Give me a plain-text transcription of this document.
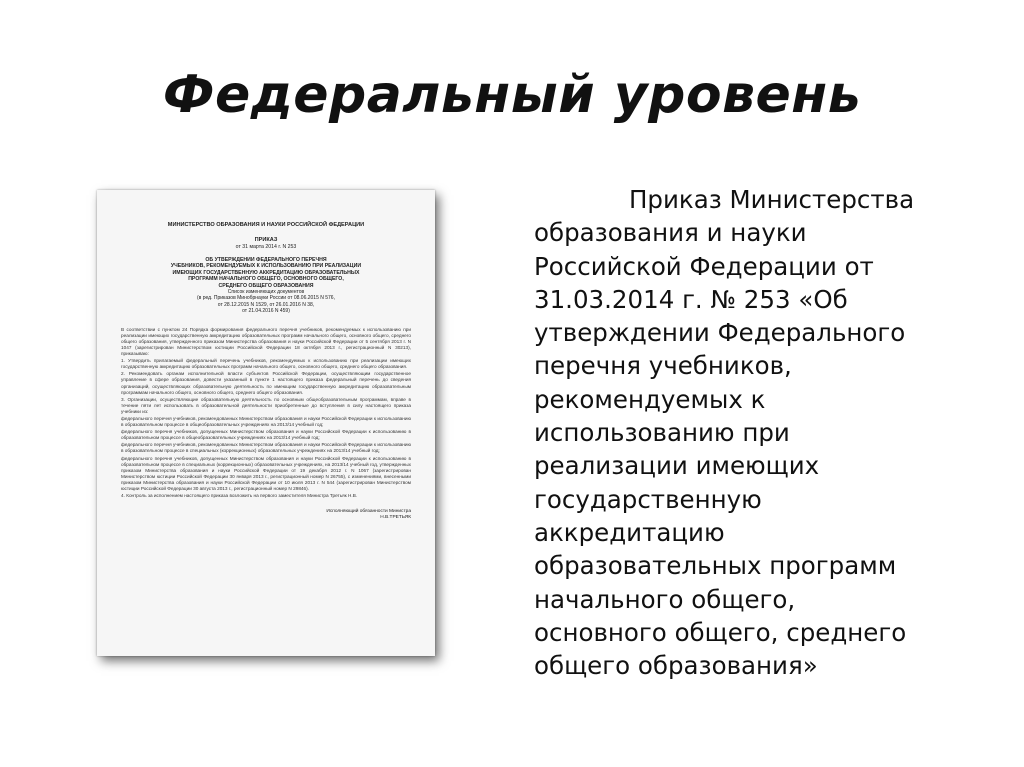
Федеральный уровень
МИНИСТЕРСТВО ОБРАЗОВАНИЯ И НАУКИ РОССИЙСКОЙ ФЕДЕРАЦИИ
ПРИКАЗ
от 31 марта 2014 г. N 253
ОБ УТВЕРЖДЕНИИ ФЕДЕРАЛЬНОГО ПЕРЕЧНЯ
УЧЕБНИКОВ, РЕКОМЕНДУЕМЫХ К ИСПОЛЬЗОВАНИЮ ПРИ РЕАЛИЗАЦИИ
ИМЕЮЩИХ ГОСУДАРСТВЕННУЮ АККРЕДИТАЦИЮ ОБРАЗОВАТЕЛЬНЫХ
ПРОГРАММ НАЧАЛЬНОГО ОБЩЕГО, ОСНОВНОГО ОБЩЕГО,
СРЕДНЕГО ОБЩЕГО ОБРАЗОВАНИЯ
Список изменяющих документов
(в ред. Приказов Минобрнауки России от 08.06.2015 N 576,
от 28.12.2015 N 1529, от 26.01.2016 N 38,
от 21.04.2016 N 459)
В соответствии с пунктом 24 Порядка формирования федерального перечня учебников, рекомендуемых к использованию при реализации имеющих государственную аккредитацию образовательных программ начального общего, основного общего, среднего общего образования, утвержденного приказом Министерства образования и науки Российской Федерации от 5 сентября 2013 г. N 1047 (зарегистрирован Министерством юстиции Российской Федерации 18 октября 2013 г., регистрационный N 30213), приказываю:
1. Утвердить прилагаемый федеральный перечень учебников, рекомендуемых к использованию при реализации имеющих государственную аккредитацию образовательных программ начального общего, основного общего, среднего общего образования.
2. Рекомендовать органам исполнительной власти субъектов Российской Федерации, осуществляющим государственное управление в сфере образования, довести указанный в пункте 1 настоящего приказа федеральный перечень до сведения организаций, осуществляющих образовательную деятельность по имеющим государственную аккредитацию образовательным программам начального общего, основного общего, среднего общего образования.
3. Организации, осуществляющие образовательную деятельность по основным общеобразовательным программам, вправе в течение пяти лет использовать в образовательной деятельности приобретенные до вступления в силу настоящего приказа учебники из:
федерального перечня учебников, рекомендованных Министерством образования и науки Российской Федерации к использованию в образовательном процессе в общеобразовательных учреждениях на 2013/14 учебный год;
федерального перечня учебников, допущенных Министерством образования и науки Российской Федерации к использованию в образовательном процессе в общеобразовательных учреждениях на 2013/14 учебный год;
федерального перечня учебников, рекомендованных Министерством образования и науки Российской Федерации к использованию в образовательном процессе в специальных (коррекционных) образовательных учреждениях на 2013/14 учебный год;
федерального перечня учебников, допущенных Министерством образования и науки Российской Федерации к использованию в образовательном процессе в специальных (коррекционных) образовательных учреждениях, на 2013/14 учебный год, утвержденных приказом Министерства образования и науки Российской Федерации от 19 декабря 2012 г. N 1067 (зарегистрирован Министерством юстиции Российской Федерации 30 января 2013 г., регистрационный номер N 26755), с изменениями, внесенными приказом Министерства образования и науки Российской Федерации от 10 июля 2013 г. N 544 (зарегистрирован Министерством юстиции Российской Федерации 30 августа 2013 г., регистрационный номер N 29846).
4. Контроль за исполнением настоящего приказа возложить на первого заместителя Министра Третьяк Н.В.
Исполняющий обязанности Министра
Н.В.ТРЕТЬЯК
Приказ Министерства
образования и науки
Российской Федерации от
31.03.2014 г. № 253 «Об
утверждении Федерального
перечня учебников,
рекомендуемых к
использованию при
реализации имеющих
государственную
аккредитацию
образовательных программ
начального общего,
основного общего, среднего
общего образования»
